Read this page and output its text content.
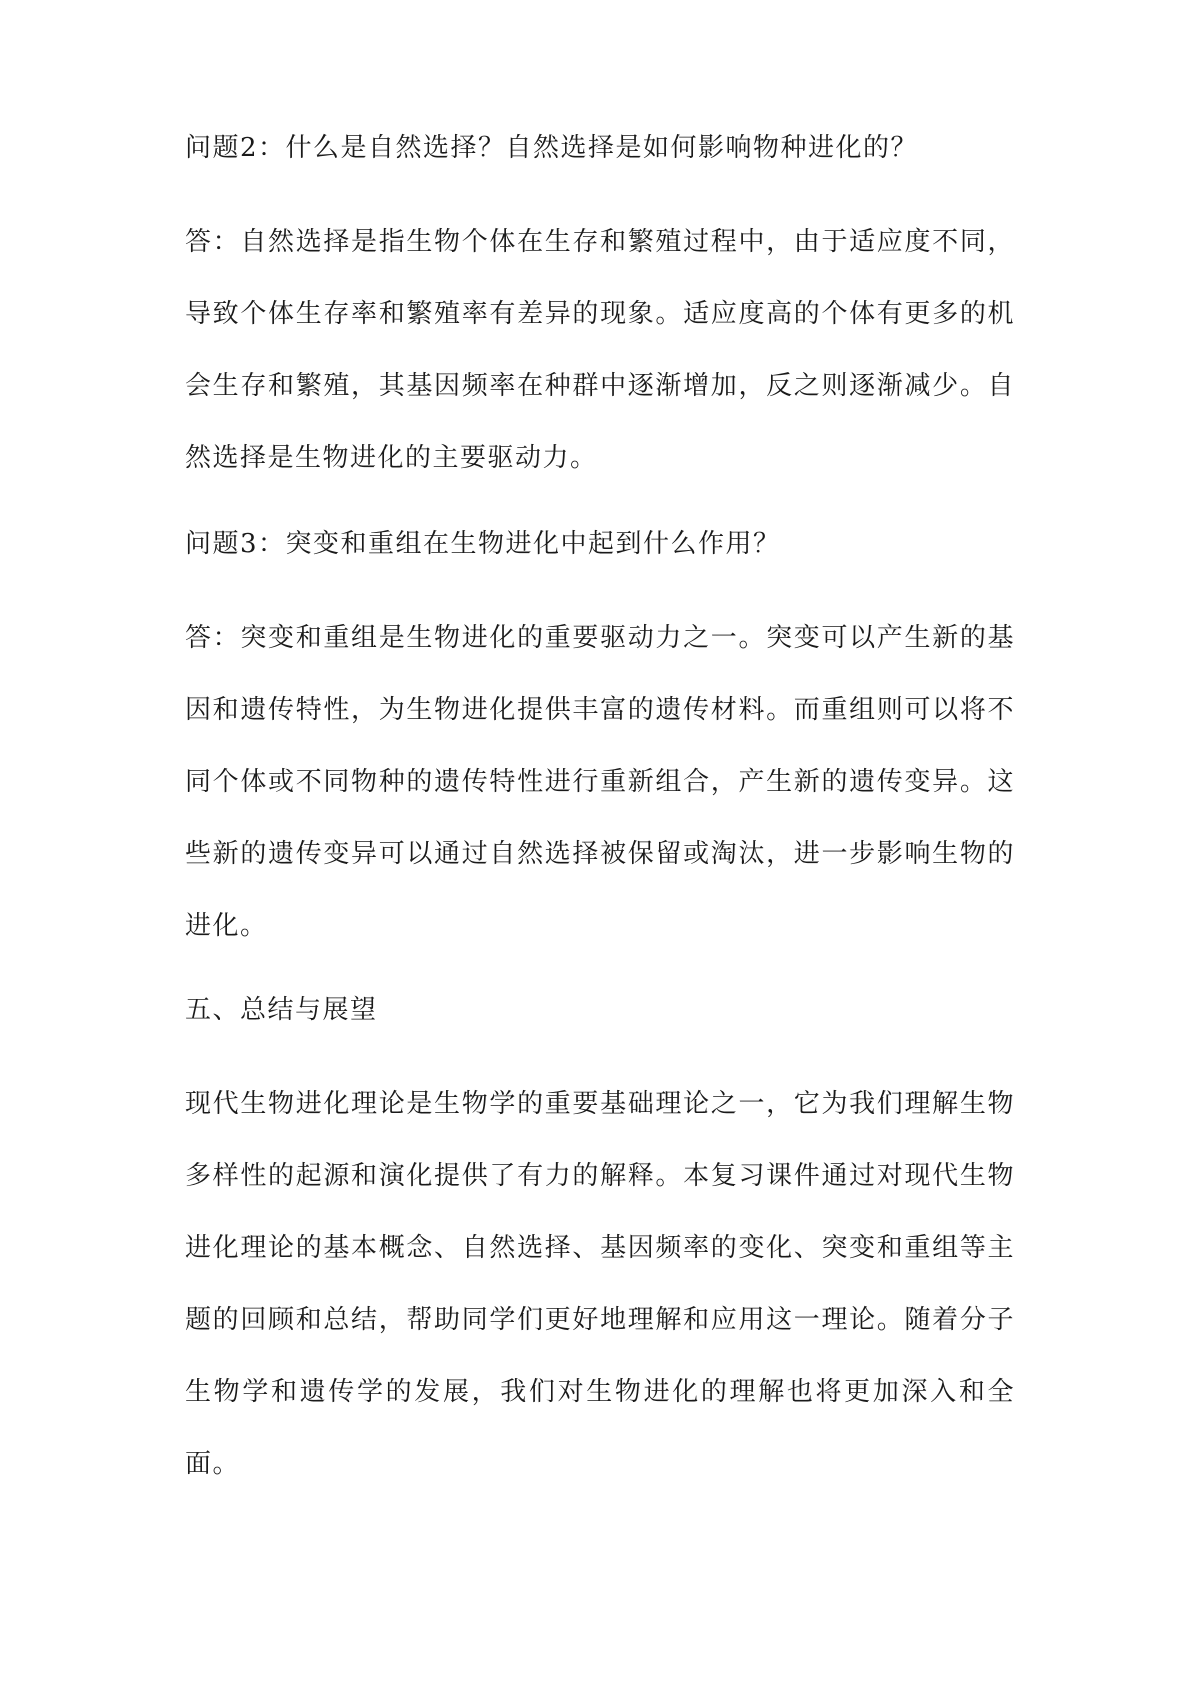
问题2：什么是自然选择？自然选择是如何影响物种进化的？

答：自然选择是指生物个体在生存和繁殖过程中，由于适应度不同，导致个体生存率和繁殖率有差异的现象。适应度高的个体有更多的机会生存和繁殖，其基因频率在种群中逐渐增加，反之则逐渐减少。自然选择是生物进化的主要驱动力。

问题3：突变和重组在生物进化中起到什么作用？

答：突变和重组是生物进化的重要驱动力之一。突变可以产生新的基因和遗传特性，为生物进化提供丰富的遗传材料。而重组则可以将不同个体或不同物种的遗传特性进行重新组合，产生新的遗传变异。这些新的遗传变异可以通过自然选择被保留或淘汰，进一步影响生物的进化。

五、总结与展望

现代生物进化理论是生物学的重要基础理论之一，它为我们理解生物多样性的起源和演化提供了有力的解释。本复习课件通过对现代生物进化理论的基本概念、自然选择、基因频率的变化、突变和重组等主题的回顾和总结，帮助同学们更好地理解和应用这一理论。随着分子生物学和遗传学的发展，我们对生物进化的理解也将更加深入和全面。
